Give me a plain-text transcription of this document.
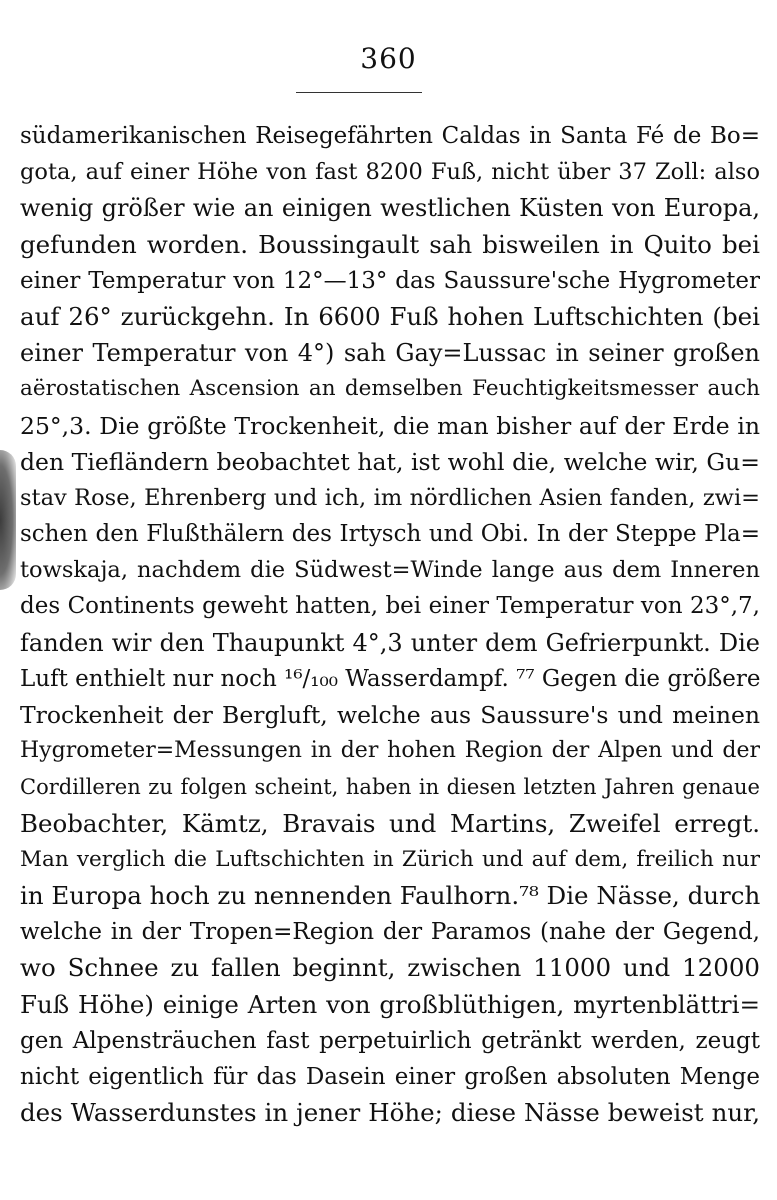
360
südamerikanischen Reisegefährten Caldas in Santa Fé de Bo=
gota, auf einer Höhe von fast 8200 Fuß, nicht über 37 Zoll: also
wenig größer wie an einigen westlichen Küsten von Europa,
gefunden worden. Boussingault sah bisweilen in Quito bei
einer Temperatur von 12°—13° das Saussure'sche Hygrometer
auf 26° zurückgehn. In 6600 Fuß hohen Luftschichten (bei
einer Temperatur von 4°) sah Gay=Lussac in seiner großen
aërostatischen Ascension an demselben Feuchtigkeitsmesser auch
25°,3. Die größte Trockenheit, die man bisher auf der Erde in
den Tiefländern beobachtet hat, ist wohl die, welche wir, Gu=
stav Rose, Ehrenberg und ich, im nördlichen Asien fanden, zwi=
schen den Flußthälern des Irtysch und Obi. In der Steppe Pla=
towskaja, nachdem die Südwest=Winde lange aus dem Inneren
des Continents geweht hatten, bei einer Temperatur von 23°,7,
fanden wir den Thaupunkt 4°,3 unter dem Gefrierpunkt. Die
Luft enthielt nur noch ¹⁶/₁₀₀ Wasserdampf. ⁷⁷ Gegen die größere
Trockenheit der Bergluft, welche aus Saussure's und meinen
Hygrometer=Messungen in der hohen Region der Alpen und der
Cordilleren zu folgen scheint, haben in diesen letzten Jahren genaue
Beobachter, Kämtz, Bravais und Martins, Zweifel erregt.
Man verglich die Luftschichten in Zürich und auf dem, freilich nur
in Europa hoch zu nennenden Faulhorn.⁷⁸ Die Nässe, durch
welche in der Tropen=Region der Paramos (nahe der Gegend,
wo Schnee zu fallen beginnt, zwischen 11000 und 12000
Fuß Höhe) einige Arten von großblüthigen, myrtenblättri=
gen Alpensträuchen fast perpetuirlich getränkt werden, zeugt
nicht eigentlich für das Dasein einer großen absoluten Menge
des Wasserdunstes in jener Höhe; diese Nässe beweist nur,
